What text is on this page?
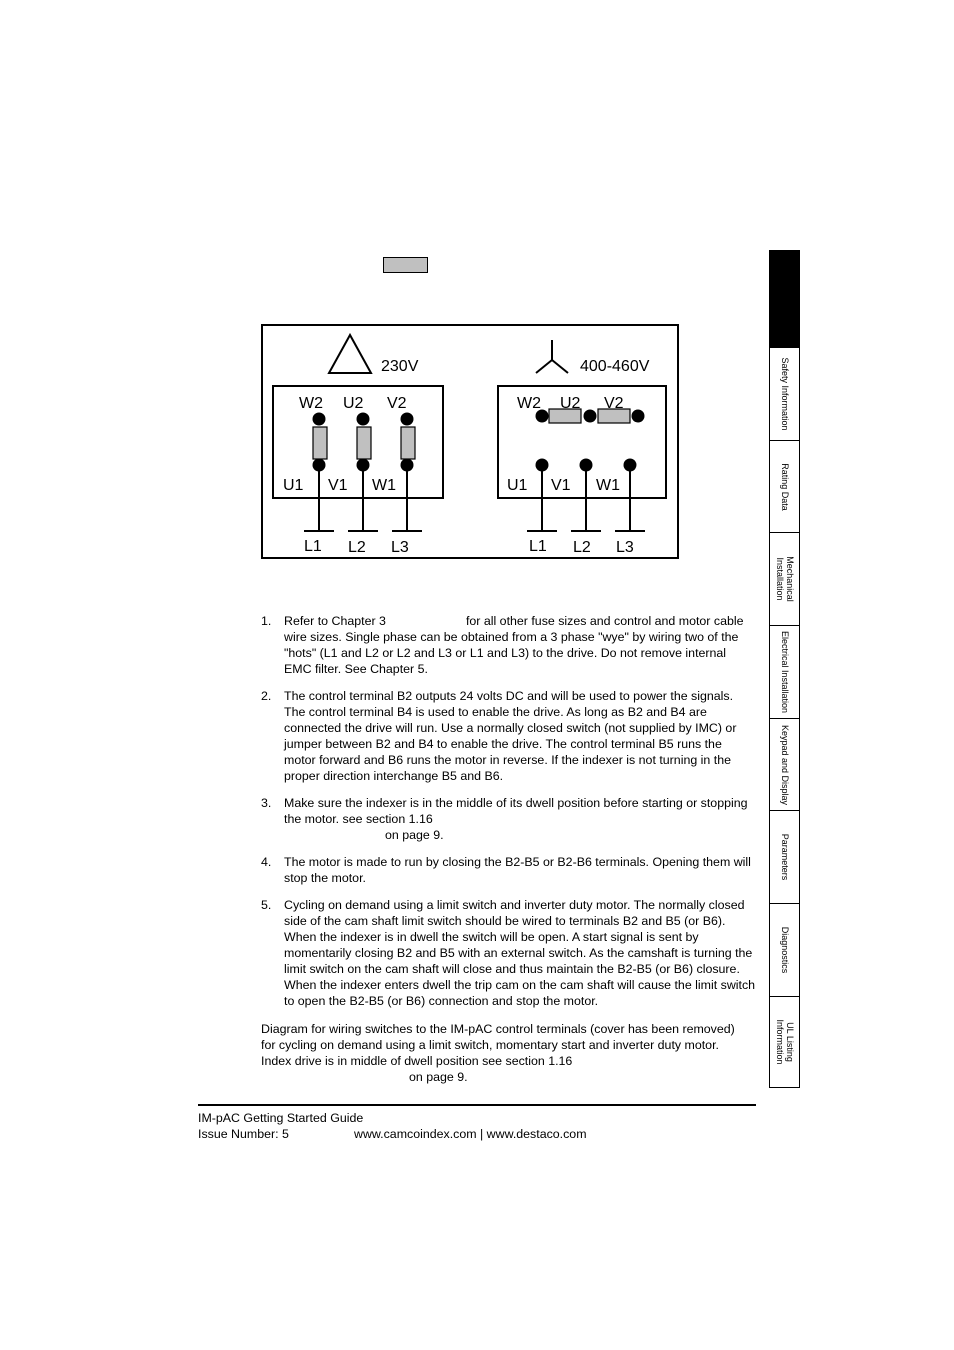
230V	400-460V
W2 U2 V2
U1 V1 W1
L1 L2 L3
W2 U2 V2
U1 V1 W1
L1 L2 L3
1. Refer to Chapter 3	for all other fuse sizes and control and motor cable wire sizes. Single phase can be obtained from a 3 phase "wye" by wiring two of the "hots" (L1 and L2 or L2 and L3 or L1 and L3) to the drive. Do not remove internal EMC filter. See Chapter 5.
2. The control terminal B2 outputs 24 volts DC and will be used to power the signals. The control terminal B4 is used to enable the drive. As long as B2 and B4 are connected the drive will run. Use a normally closed switch (not supplied by IMC) or jumper between B2 and B4 to enable the drive. The control terminal B5 runs the motor forward and B6 runs the motor in reverse. If the indexer is not turning in the proper direction interchange B5 and B6.
3. Make sure the indexer is in the middle of its dwell position before starting or stopping the motor. see section 1.16
on page 9.
4. The motor is made to run by closing the B2-B5 or B2-B6 terminals. Opening them will stop the motor.
5. Cycling on demand using a limit switch and inverter duty motor. The normally closed side of the cam shaft limit switch should be wired to terminals B2 and B5 (or B6). When the indexer is in dwell the switch will be open. A start signal is sent by momentarily closing B2 and B5 with an external switch. As the camshaft is turning the limit switch on the cam shaft will close and thus maintain the B2-B5 (or B6) closure. When the indexer enters dwell the trip cam on the cam shaft will cause the limit switch to open the B2-B5 (or B6) connection and stop the motor.
Diagram for wiring switches to the IM-pAC control terminals (cover has been removed)
for cycling on demand using a limit switch, momentary start and inverter duty motor.
Index drive is in middle of dwell position see section 1.16
on page 9.
IM-pAC Getting Started Guide
Issue Number: 5	www.camcoindex.com | www.destaco.com
Safety Information
Rating Data
Mechanical
Installation
Electrical Installation
Keypad and Display
Parameters
Diagnostics
UL Listing
Information
